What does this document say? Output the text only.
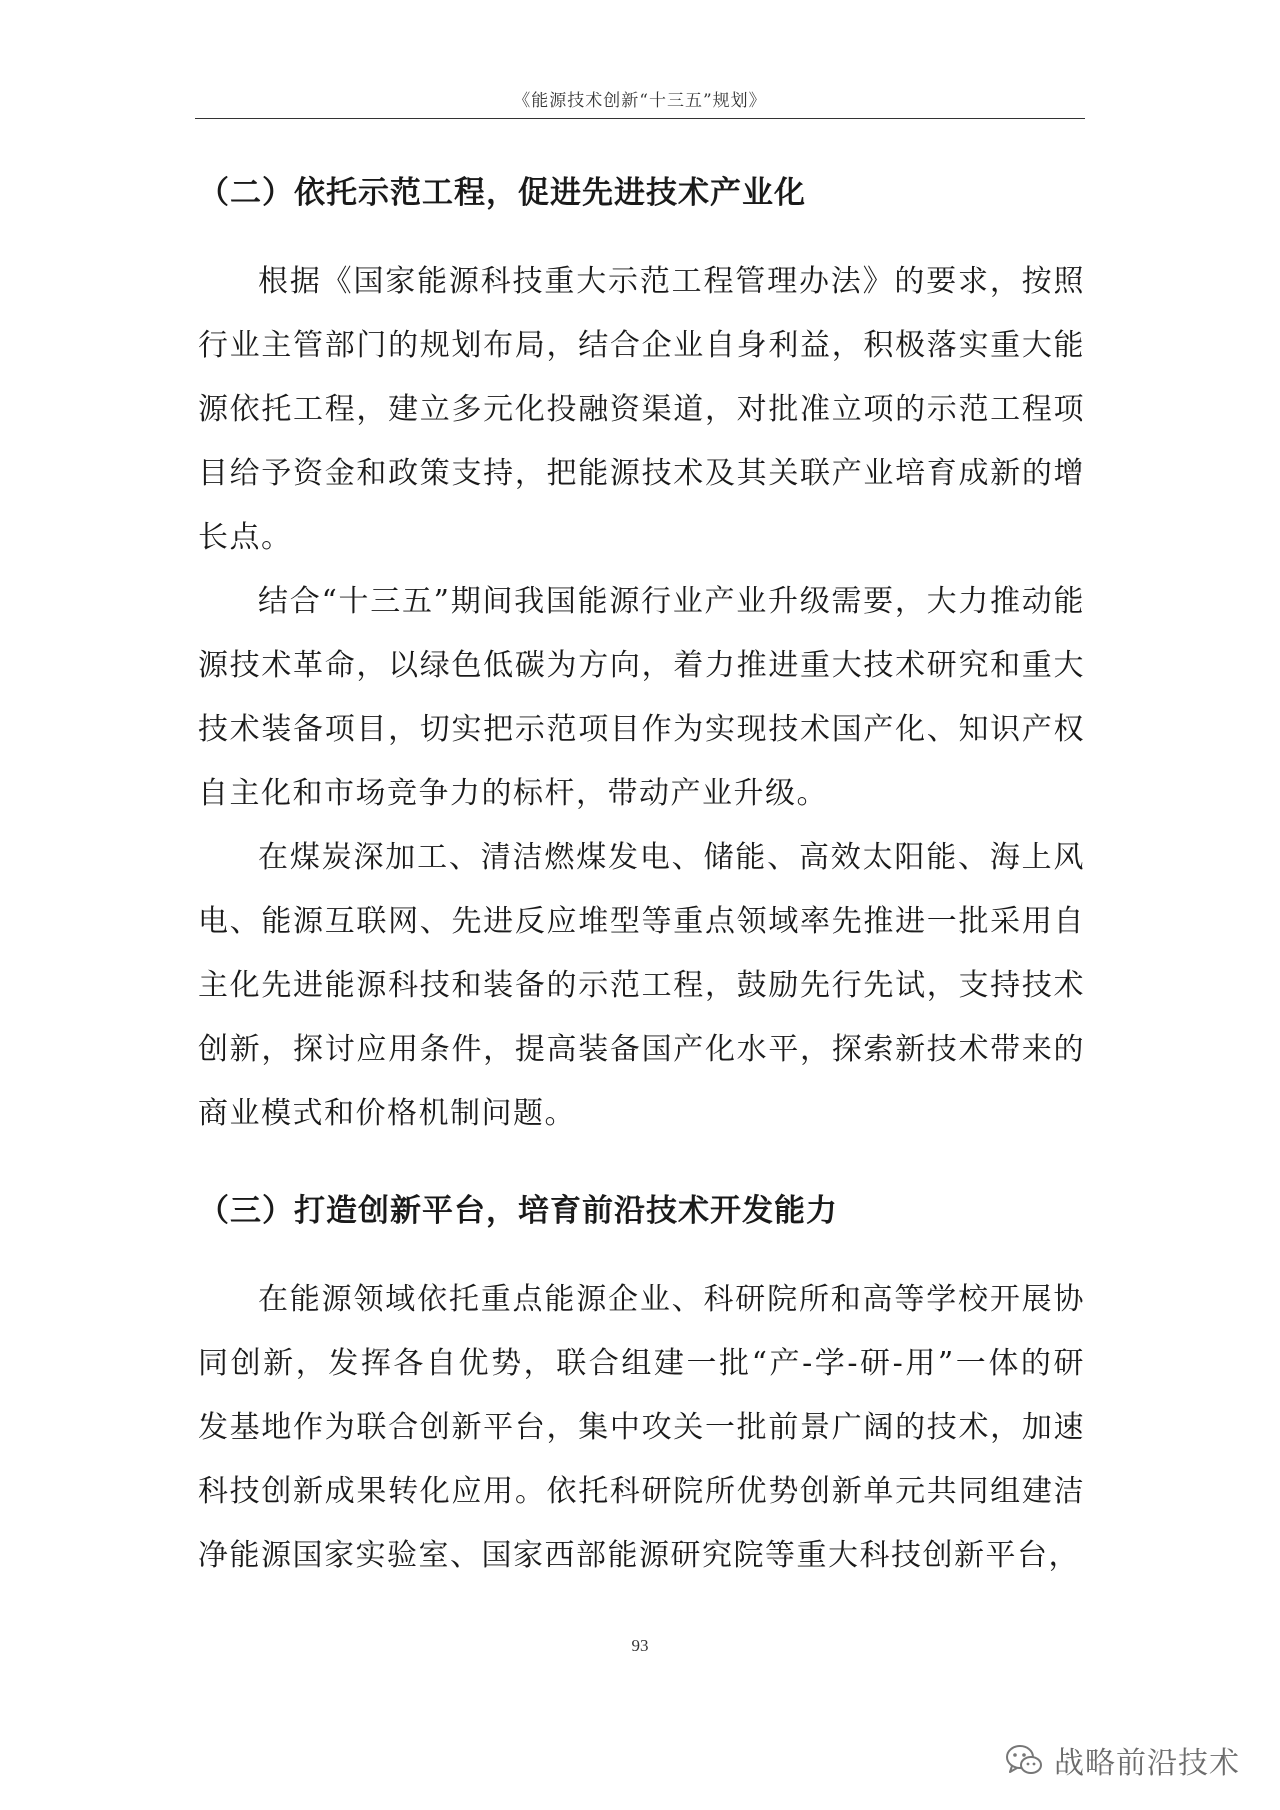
《能源技术创新“十三五”规划》
（二）依托示范工程，促进先进技术产业化

根据《国家能源科技重大示范工程管理办法》的要求，按照行业主管部门的规划布局，结合企业自身利益，积极落实重大能源依托工程，建立多元化投融资渠道，对批准立项的示范工程项目给予资金和政策支持，把能源技术及其关联产业培育成新的增长点。

结合“十三五”期间我国能源行业产业升级需要，大力推动能源技术革命，以绿色低碳为方向，着力推进重大技术研究和重大技术装备项目，切实把示范项目作为实现技术国产化、知识产权自主化和市场竞争力的标杆，带动产业升级。

在煤炭深加工、清洁燃煤发电、储能、高效太阳能、海上风电、能源互联网、先进反应堆型等重点领域率先推进一批采用自主化先进能源科技和装备的示范工程，鼓励先行先试，支持技术创新，探讨应用条件，提高装备国产化水平，探索新技术带来的商业模式和价格机制问题。

（三）打造创新平台，培育前沿技术开发能力

在能源领域依托重点能源企业、科研院所和高等学校开展协同创新，发挥各自优势，联合组建一批“产-学-研-用”一体的研发基地作为联合创新平台，集中攻关一批前景广阔的技术，加速科技创新成果转化应用。依托科研院所优势创新单元共同组建洁净能源国家实验室、国家西部能源研究院等重大科技创新平台，

93
战略前沿技术
